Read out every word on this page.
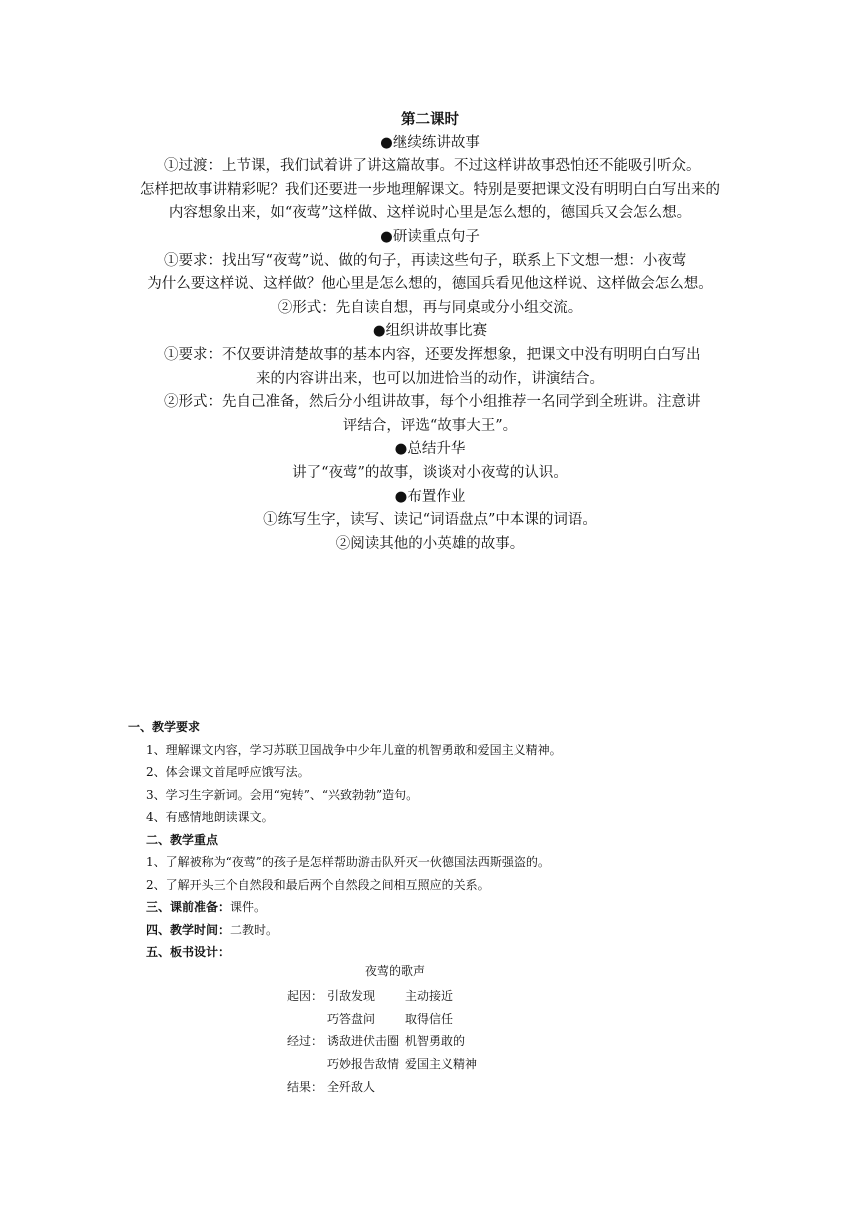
第二课时
●继续练讲故事
①过渡：上节课，我们试着讲了讲这篇故事。不过这样讲故事恐怕还不能吸引听众。
怎样把故事讲精彩呢？我们还要进一步地理解课文。特别是要把课文没有明明白白写出来的
内容想象出来，如“夜莺”这样做、这样说时心里是怎么想的，德国兵又会怎么想。
●研读重点句子
①要求：找出写“夜莺”说、做的句子，再读这些句子，联系上下文想一想：小夜莺
为什么要这样说、这样做？他心里是怎么想的，德国兵看见他这样说、这样做会怎么想。
②形式：先自读自想，再与同桌或分小组交流。
●组织讲故事比赛
①要求：不仅要讲清楚故事的基本内容，还要发挥想象，把课文中没有明明白白写出
来的内容讲出来，也可以加进恰当的动作，讲演结合。
②形式：先自己准备，然后分小组讲故事，每个小组推荐一名同学到全班讲。注意讲
评结合，评选“故事大王”。
●总结升华
讲了“夜莺”的故事，谈谈对小夜莺的认识。
●布置作业
①练写生字，读写、读记“词语盘点”中本课的词语。
②阅读其他的小英雄的故事。
一、教学要求
1、理解课文内容，学习苏联卫国战争中少年儿童的机智勇敢和爱国主义精神。
2、体会课文首尾呼应饿写法。
3、学习生字新词。会用“宛转”、“兴致勃勃”造句。
4、有感情地朗读课文。
二、教学重点
1、了解被称为“夜莺”的孩子是怎样帮助游击队歼灭一伙德国法西斯强盗的。
2、了解开头三个自然段和最后两个自然段之间相互照应的关系。
三、课前准备：课件。
四、教学时间：二教时。
五、板书设计：
夜莺的歌声
起因： 引敌发现 主动接近
巧答盘问 取得信任
经过： 诱敌进伏击圈 机智勇敢的
巧妙报告敌情 爱国主义精神
结果： 全歼敌人
